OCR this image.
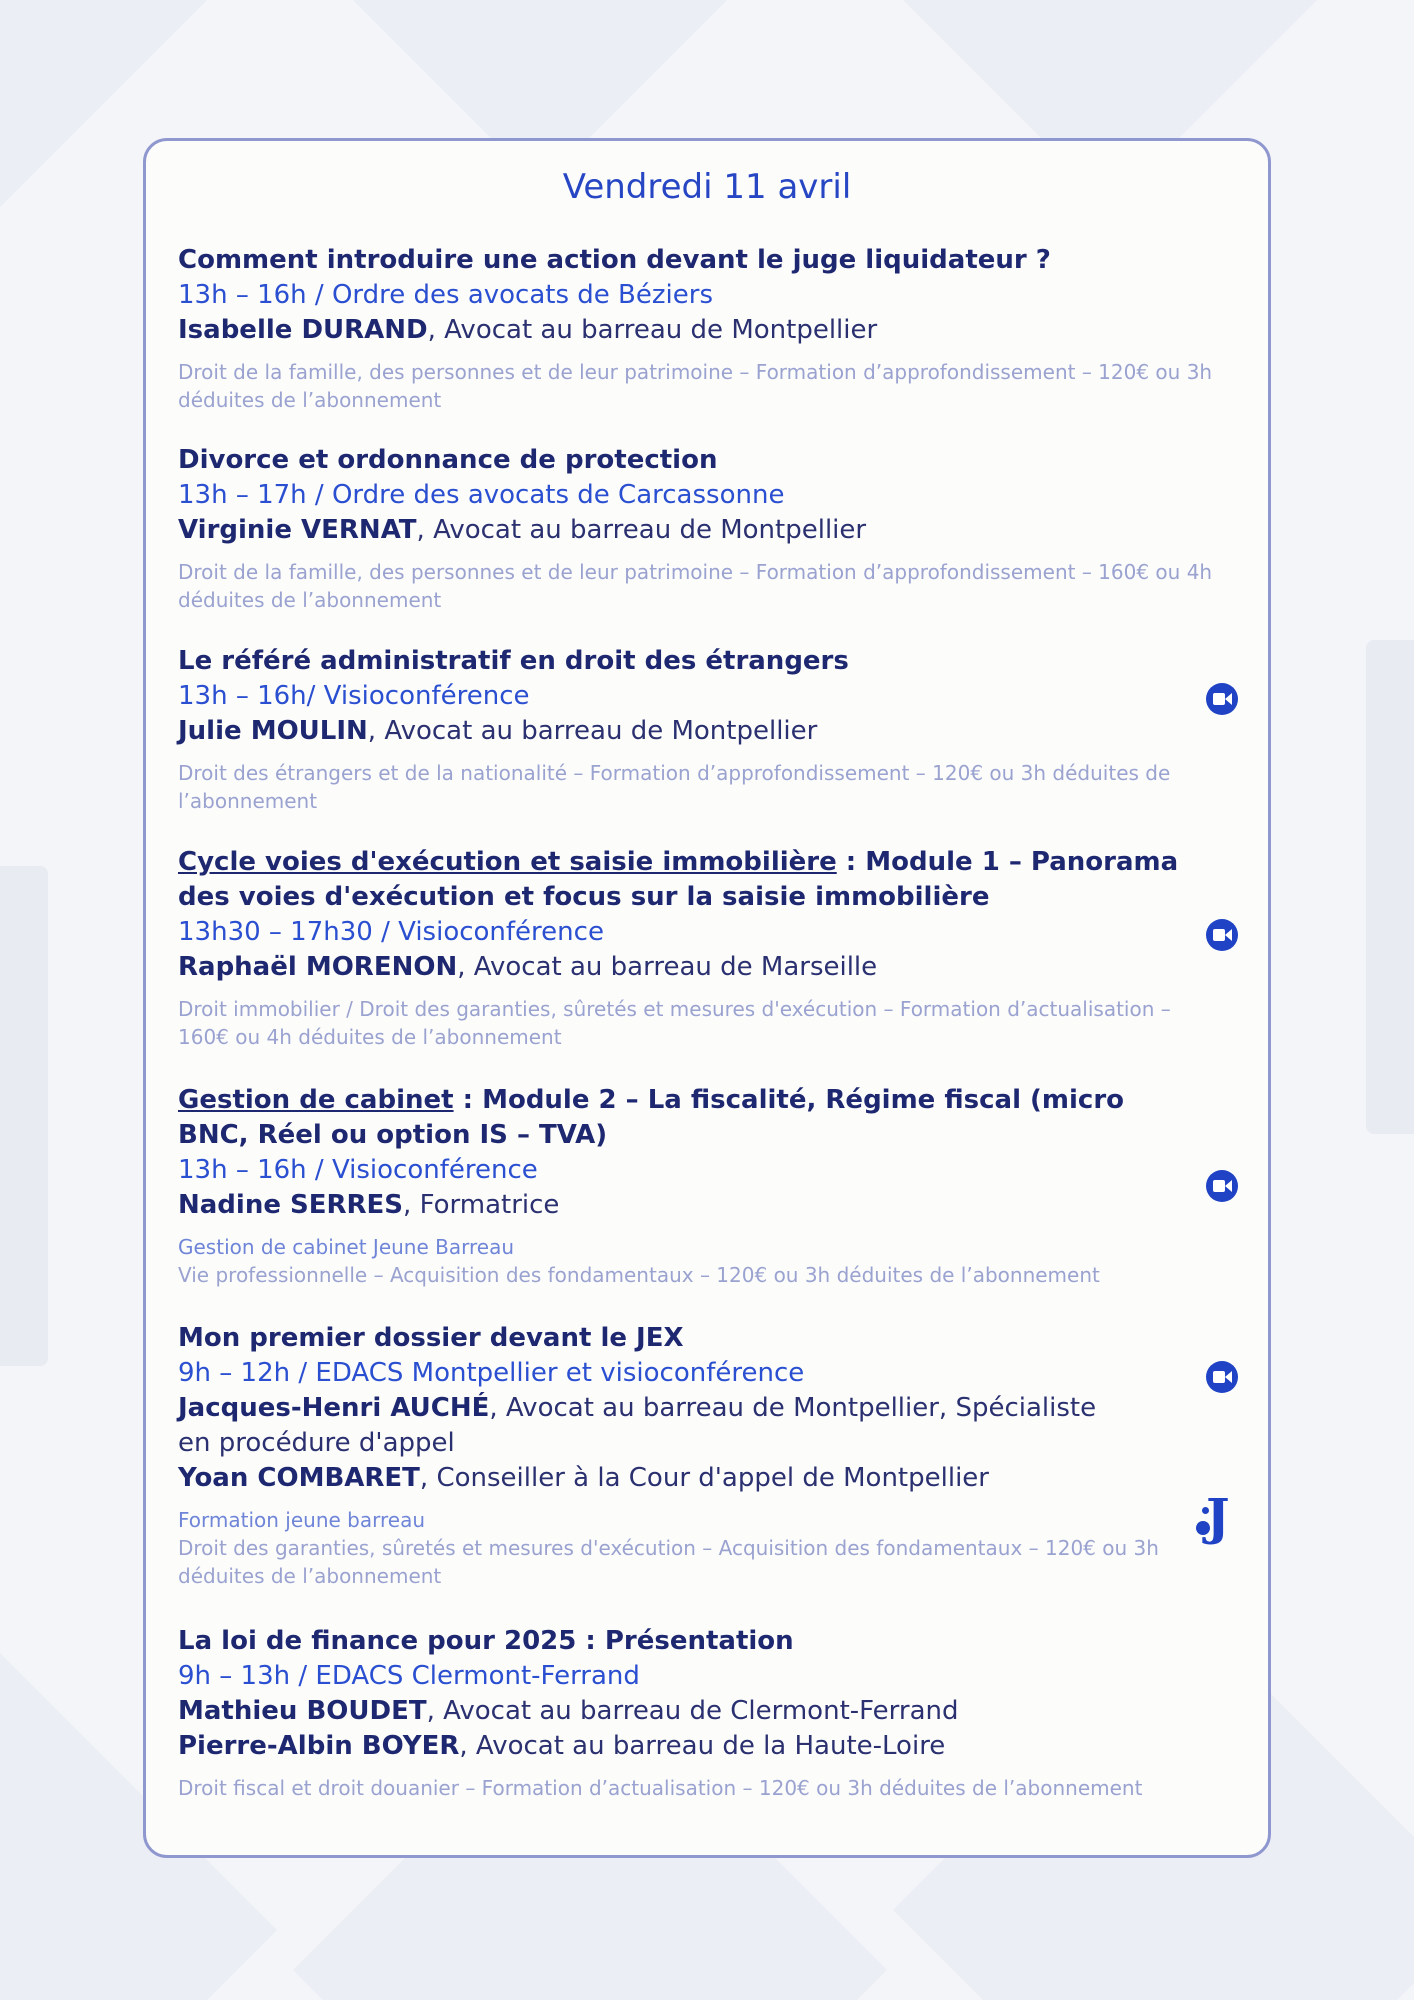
Vendredi 11 avril
Comment introduire une action devant le juge liquidateur ?
13h – 16h / Ordre des avocats de Béziers
Isabelle DURAND, Avocat au barreau de Montpellier
Droit de la famille, des personnes et de leur patrimoine – Formation d’approfondissement – 120€ ou 3h déduites de l’abonnement
Divorce et ordonnance de protection
13h – 17h / Ordre des avocats de Carcassonne
Virginie VERNAT, Avocat au barreau de Montpellier
Droit de la famille, des personnes et de leur patrimoine – Formation d’approfondissement – 160€ ou 4h déduites de l’abonnement
Le référé administratif en droit des étrangers
13h – 16h/ Visioconférence
Julie MOULIN, Avocat au barreau de Montpellier
Droit des étrangers et de la nationalité – Formation d’approfondissement – 120€ ou 3h déduites de l’abonnement
Cycle voies d'exécution et saisie immobilière : Module 1 – Panorama des voies d'exécution et focus sur la saisie immobilière
13h30 – 17h30 / Visioconférence
Raphaël MORENON, Avocat au barreau de Marseille
Droit immobilier / Droit des garanties, sûretés et mesures d'exécution – Formation d’actualisation – 160€ ou 4h déduites de l’abonnement
Gestion de cabinet : Module 2 – La fiscalité, Régime fiscal (micro BNC, Réel ou option IS – TVA)
13h – 16h / Visioconférence
Nadine SERRES, Formatrice
Gestion de cabinet Jeune Barreau
Vie professionnelle – Acquisition des fondamentaux – 120€ ou 3h déduites de l’abonnement
Mon premier dossier devant le JEX
9h – 12h / EDACS Montpellier et visioconférence
Jacques-Henri AUCHÉ, Avocat au barreau de Montpellier, Spécialiste en procédure d'appel
Yoan COMBARET, Conseiller à la Cour d'appel de Montpellier
Formation jeune barreau
Droit des garanties, sûretés et mesures d'exécution – Acquisition des fondamentaux – 120€ ou 3h déduites de l’abonnement
J
La loi de finance pour 2025 : Présentation
9h – 13h / EDACS Clermont-Ferrand
Mathieu BOUDET, Avocat au barreau de Clermont-Ferrand
Pierre-Albin BOYER, Avocat au barreau de la Haute-Loire
Droit fiscal et droit douanier – Formation d’actualisation – 120€ ou 3h déduites de l’abonnement
